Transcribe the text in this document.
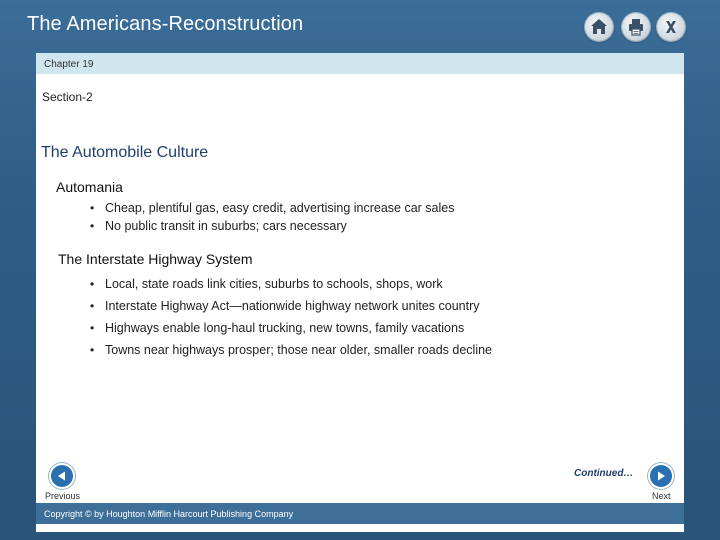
The Americans-Reconstruction
Chapter 19
Section-2
The Automobile Culture
Automania
• Cheap, plentiful gas, easy credit, advertising increase car sales
• No public transit in suburbs; cars necessary
The Interstate Highway System
• Local, state roads link cities, suburbs to schools, shops, work
• Interstate Highway Act—nationwide highway network unites country
• Highways enable long-haul trucking, new towns, family vacations
• Towns near highways prosper; those near older, smaller roads decline
Continued…
Previous	Next
Copyright © by Houghton Mifflin Harcourt Publishing Company
